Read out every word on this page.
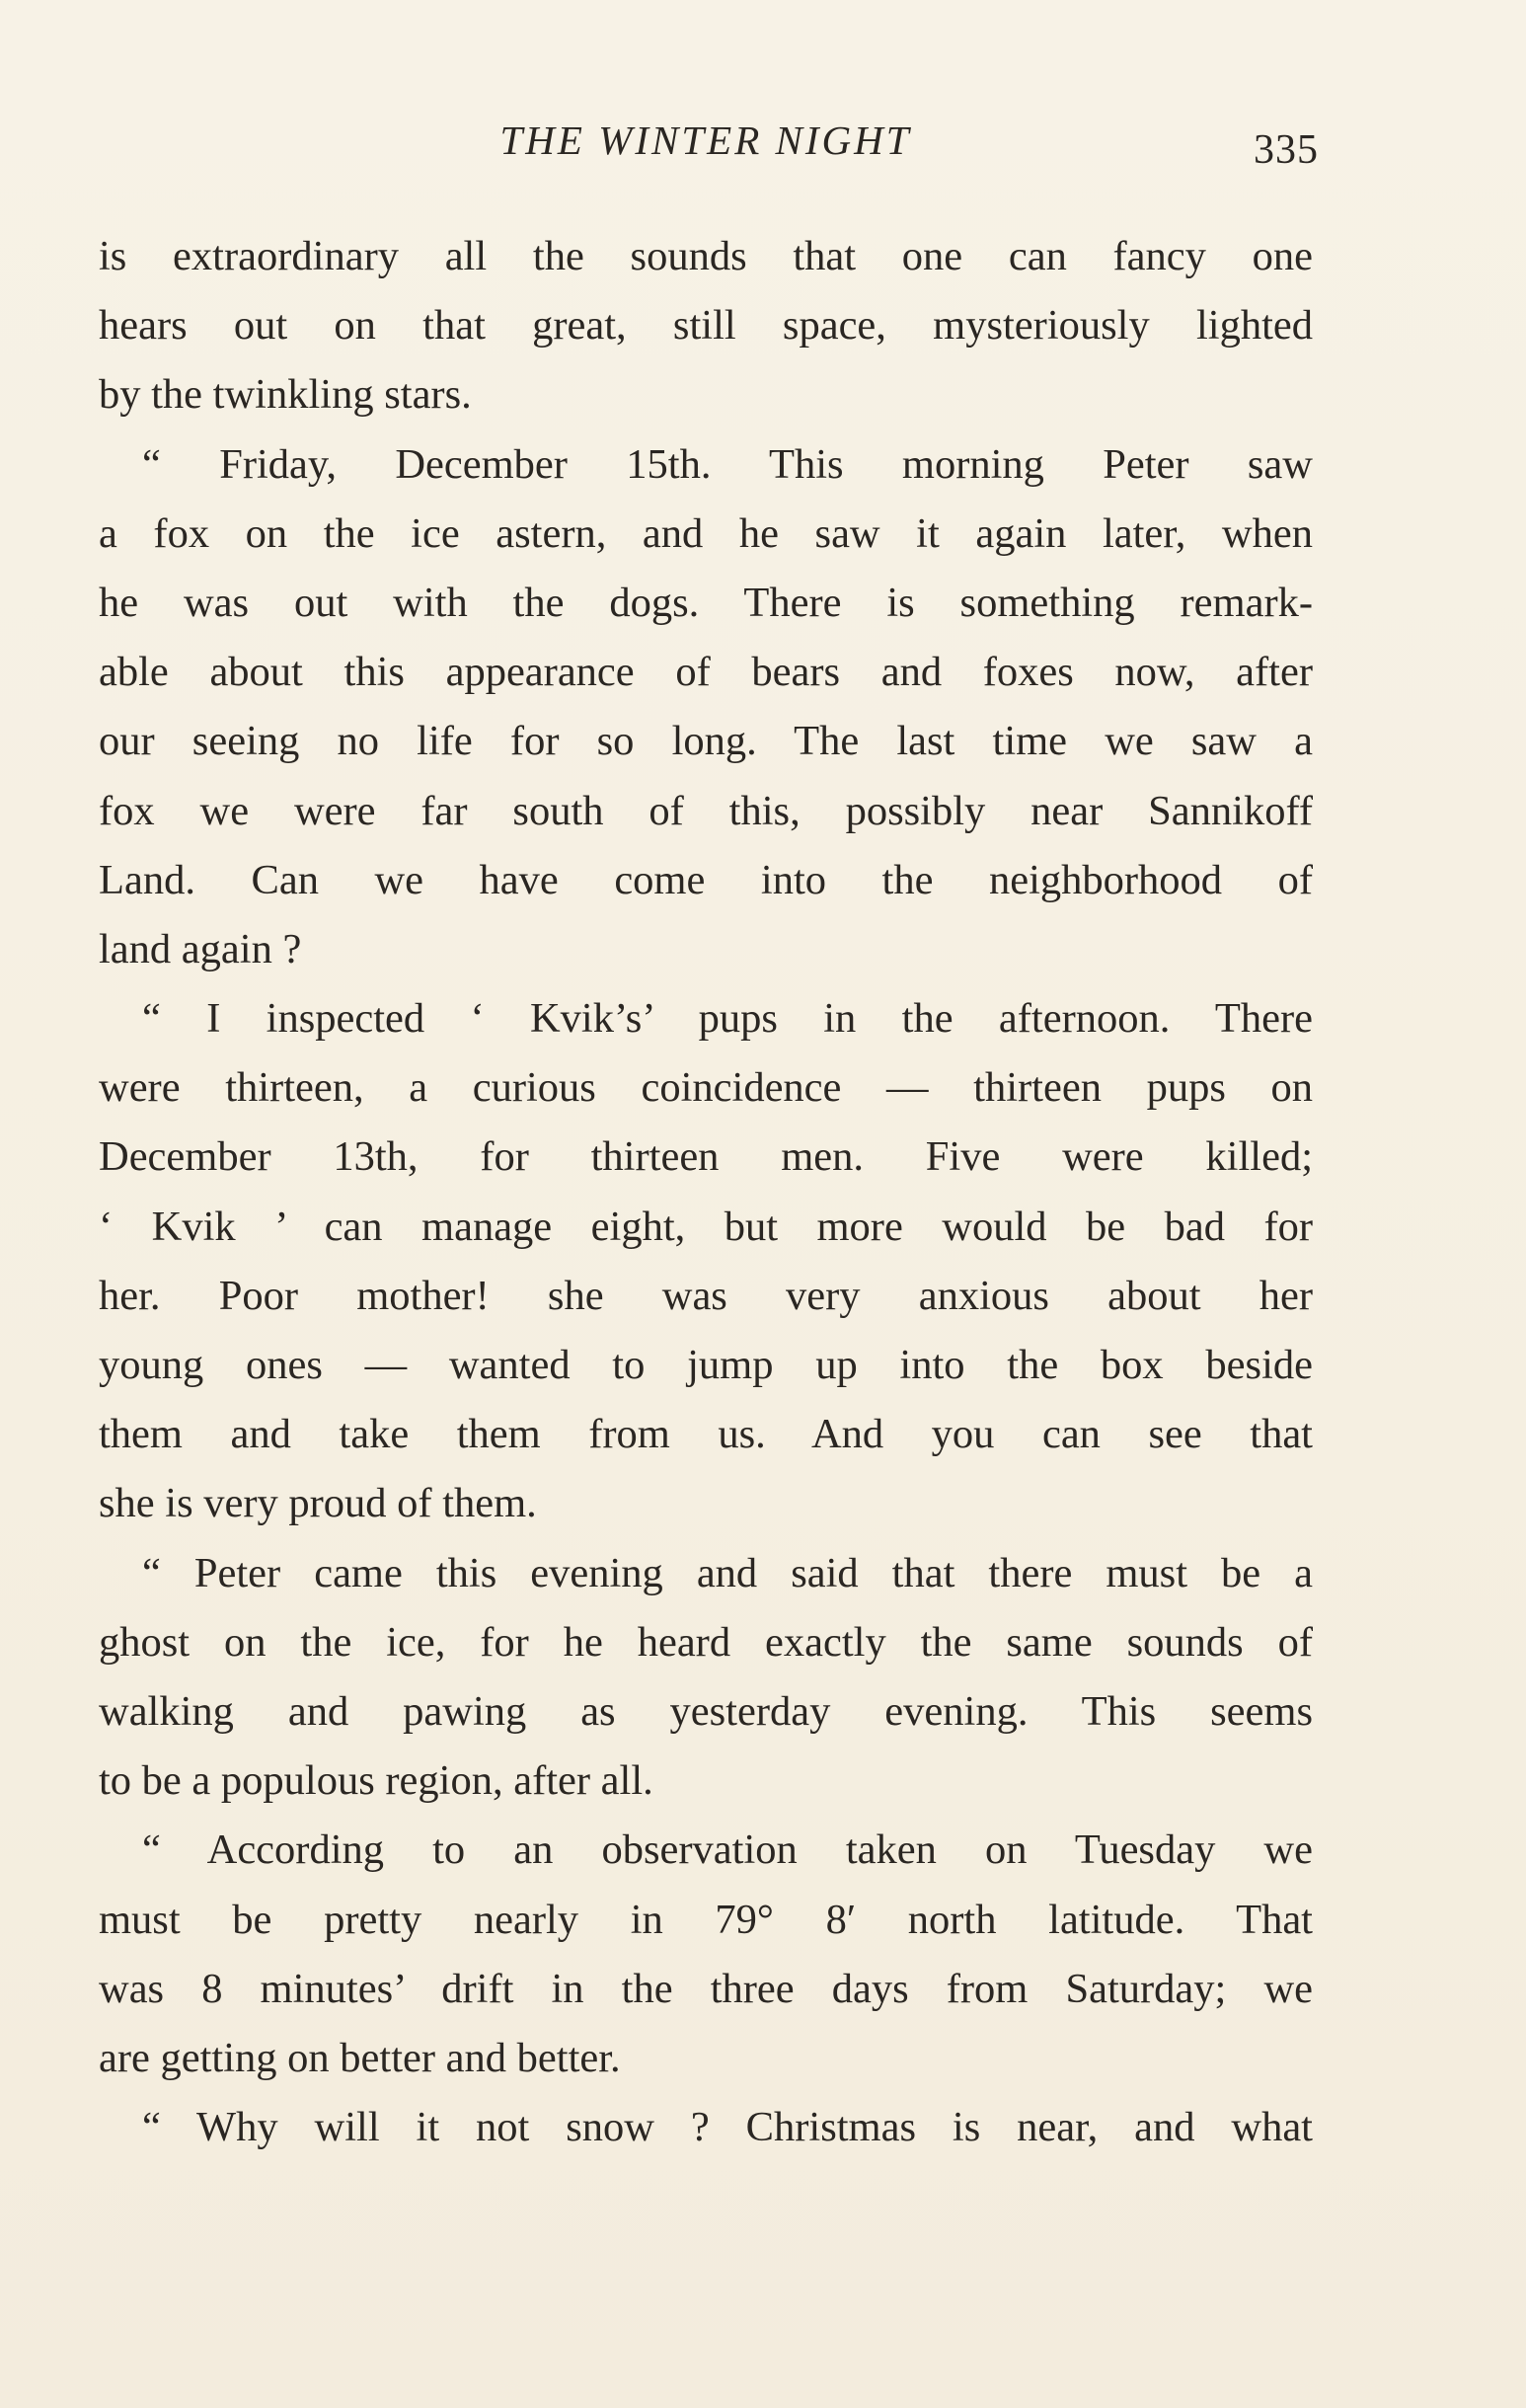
THE WINTER NIGHT	335
is extraordinary all the sounds that one can fancy one
hears out on that great, still space, mysteriously lighted
by the twinkling stars.
“ Friday, December 15th. This morning Peter saw
a fox on the ice astern, and he saw it again later, when
he was out with the dogs. There is something remark-
able about this appearance of bears and foxes now, after
our seeing no life for so long. The last time we saw a
fox we were far south of this, possibly near Sannikoff
Land. Can we have come into the neighborhood of
land again ?
“ I inspected ‘ Kvik’s’ pups in the afternoon. There
were thirteen, a curious coincidence — thirteen pups on
December 13th, for thirteen men. Five were killed;
‘ Kvik ’ can manage eight, but more would be bad for
her. Poor mother! she was very anxious about her
young ones — wanted to jump up into the box beside
them and take them from us. And you can see that
she is very proud of them.
“ Peter came this evening and said that there must be a
ghost on the ice, for he heard exactly the same sounds of
walking and pawing as yesterday evening. This seems
to be a populous region, after all.
“ According to an observation taken on Tuesday we
must be pretty nearly in 79° 8′ north latitude. That
was 8 minutes’ drift in the three days from Saturday; we
are getting on better and better.
“ Why will it not snow ? Christmas is near, and what
